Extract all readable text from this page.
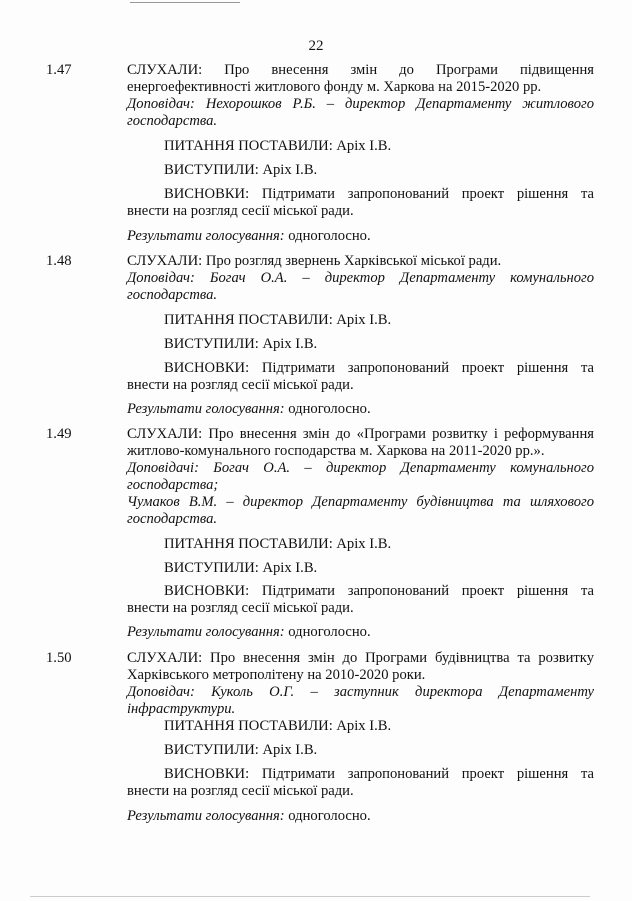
22
1.47	СЛУХАЛИ: Про внесення змін до Програми підвищення
енергоефективності житлового фонду м. Харкова на 2015-2020 рр.
Доповідач: Нехорошков Р.Б. – директор Департаменту житлового
господарства.
ПИТАННЯ ПОСТАВИЛИ: Аріх І.В.
ВИСТУПИЛИ: Аріх І.В.
ВИСНОВКИ: Підтримати запропонований проект рішення та
внести на розгляд сесії міської ради.
Результати голосування: одноголосно.
1.48	СЛУХАЛИ: Про розгляд звернень Харківської міської ради.
Доповідач: Богач О.А. – директор Департаменту комунального
господарства.
ПИТАННЯ ПОСТАВИЛИ: Аріх І.В.
ВИСТУПИЛИ: Аріх І.В.
ВИСНОВКИ: Підтримати запропонований проект рішення та
внести на розгляд сесії міської ради.
Результати голосування: одноголосно.
1.49	СЛУХАЛИ: Про внесення змін до «Програми розвитку і реформування
житлово-комунального господарства м. Харкова на 2011-2020 рр.».
Доповідачі: Богач О.А. – директор Департаменту комунального
господарства;
Чумаков В.М. – директор Департаменту будівництва та шляхового
господарства.
ПИТАННЯ ПОСТАВИЛИ: Аріх І.В.
ВИСТУПИЛИ: Аріх І.В.
ВИСНОВКИ: Підтримати запропонований проект рішення та
внести на розгляд сесії міської ради.
Результати голосування: одноголосно.
1.50	СЛУХАЛИ: Про внесення змін до Програми будівництва та розвитку
Харківського метрополітену на 2010-2020 роки.
Доповідач: Куколь О.Г. – заступник директора Департаменту
інфраструктури.
ПИТАННЯ ПОСТАВИЛИ: Аріх І.В.
ВИСТУПИЛИ: Аріх І.В.
ВИСНОВКИ: Підтримати запропонований проект рішення та
внести на розгляд сесії міської ради.
Результати голосування: одноголосно.
